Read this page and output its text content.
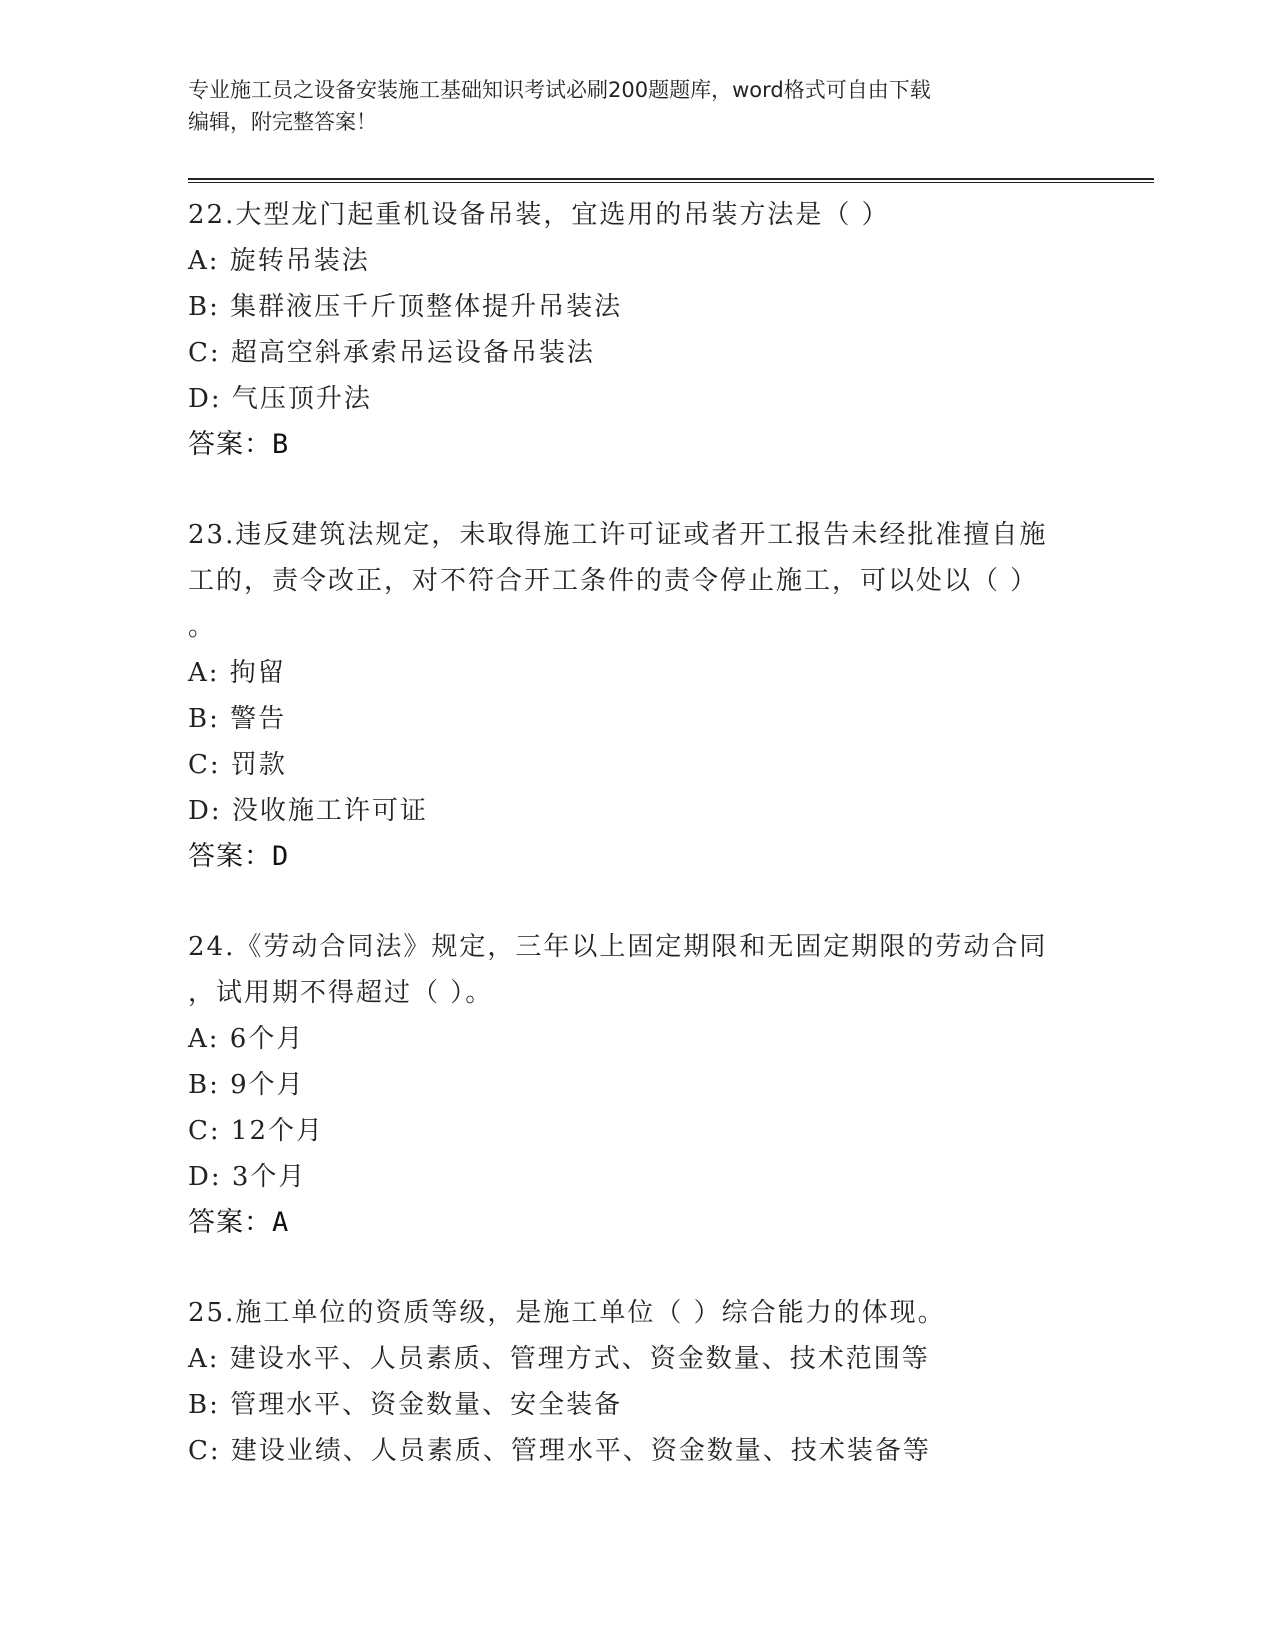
专业施工员之设备安装施工基础知识考试必刷200题题库，word格式可自由下载
编辑，附完整答案！
22.大型龙门起重机设备吊装，宜选用的吊装方法是（ ）
A: 旋转吊装法
B: 集群液压千斤顶整体提升吊装法
C: 超高空斜承索吊运设备吊装法
D: 气压顶升法
答案：B
23.违反建筑法规定，未取得施工许可证或者开工报告未经批准擅自施
工的，责令改正，对不符合开工条件的责令停止施工，可以处以（ ）
。
A: 拘留
B: 警告
C: 罚款
D: 没收施工许可证
答案：D
24.《劳动合同法》规定，三年以上固定期限和无固定期限的劳动合同
，试用期不得超过（ ）。
A: 6个月
B: 9个月
C: 12个月
D: 3个月
答案：A
25.施工单位的资质等级，是施工单位（ ）综合能力的体现。
A: 建设水平、人员素质、管理方式、资金数量、技术范围等
B: 管理水平、资金数量、安全装备
C: 建设业绩、人员素质、管理水平、资金数量、技术装备等
